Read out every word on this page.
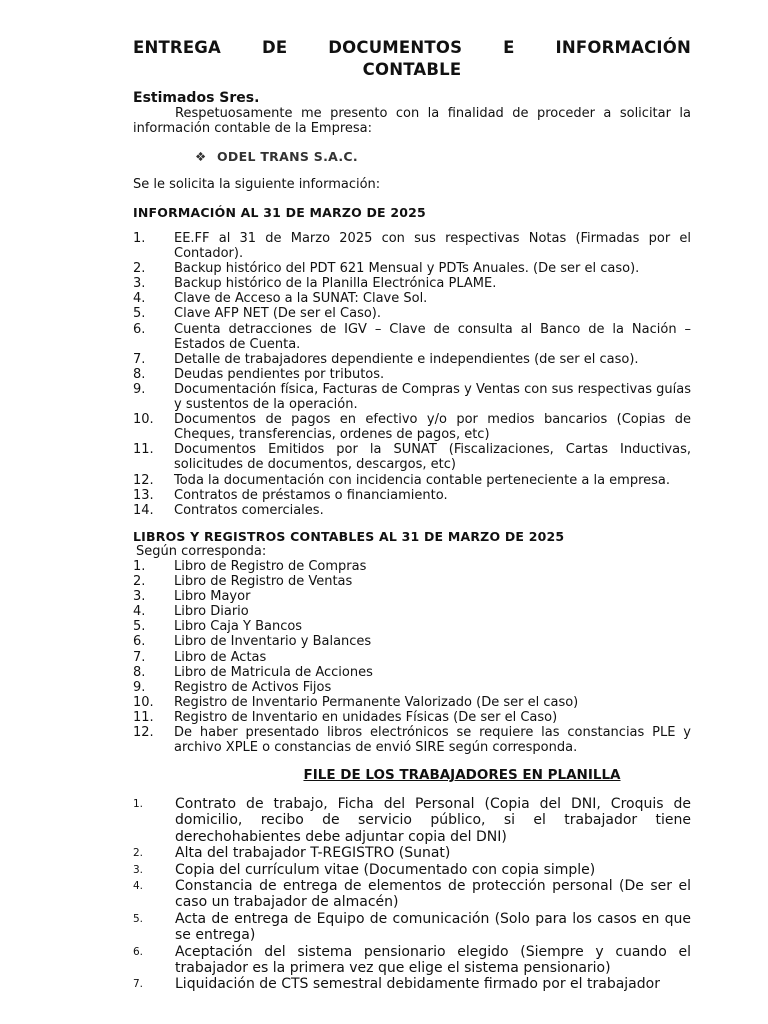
ENTREGA DE DOCUMENTOS E INFORMACIÓN
CONTABLE
Estimados Sres.
Respetuosamente me presento con la finalidad de proceder a solicitar la información contable de la Empresa:
❖ ODEL TRANS S.A.C.
Se le solicita la siguiente información:
INFORMACIÓN AL 31 DE MARZO DE 2025
1.	EE.FF al 31 de Marzo 2025 con sus respectivas Notas (Firmadas por el Contador).
2.	Backup histórico del PDT 621 Mensual y PDTs Anuales. (De ser el caso).
3.	Backup histórico de la Planilla Electrónica PLAME.
4.	Clave de Acceso a la SUNAT: Clave Sol.
5.	Clave AFP NET (De ser el Caso).
6.	Cuenta detracciones de IGV – Clave de consulta al Banco de la Nación – Estados de Cuenta.
7.	Detalle de trabajadores dependiente e independientes (de ser el caso).
8.	Deudas pendientes por tributos.
9.	Documentación física, Facturas de Compras y Ventas con sus respectivas guías y sustentos de la operación.
10.	Documentos de pagos en efectivo y/o por medios bancarios (Copias de Cheques, transferencias, ordenes de pagos, etc)
11.	Documentos Emitidos por la SUNAT (Fiscalizaciones, Cartas Inductivas, solicitudes de documentos, descargos, etc)
12.	Toda la documentación con incidencia contable perteneciente a la empresa.
13.	Contratos de préstamos o financiamiento.
14.	Contratos comerciales.
LIBROS Y REGISTROS CONTABLES AL 31 DE MARZO DE 2025
Según corresponda:
1.	Libro de Registro de Compras
2.	Libro de Registro de Ventas
3.	Libro Mayor
4.	Libro Diario
5.	Libro Caja Y Bancos
6.	Libro de Inventario y Balances
7.	Libro de Actas
8.	Libro de Matricula de Acciones
9.	Registro de Activos Fijos
10.	Registro de Inventario Permanente Valorizado (De ser el caso)
11.	Registro de Inventario en unidades Físicas (De ser el Caso)
12.	De haber presentado libros electrónicos se requiere las constancias PLE y archivo XPLE o constancias de envió SIRE según corresponda.
FILE DE LOS TRABAJADORES EN PLANILLA
1.	Contrato de trabajo, Ficha del Personal (Copia del DNI, Croquis de domicilio, recibo de servicio público, si el trabajador tiene derechohabientes debe adjuntar copia del DNI)
2.	Alta del trabajador T-REGISTRO (Sunat)
3.	Copia del currículum vitae (Documentado con copia simple)
4.	Constancia de entrega de elementos de protección personal (De ser el caso un trabajador de almacén)
5.	Acta de entrega de Equipo de comunicación (Solo para los casos en que se entrega)
6.	Aceptación del sistema pensionario elegido (Siempre y cuando el trabajador es la primera vez que elige el sistema pensionario)
7.	Liquidación de CTS semestral debidamente firmado por el trabajador
